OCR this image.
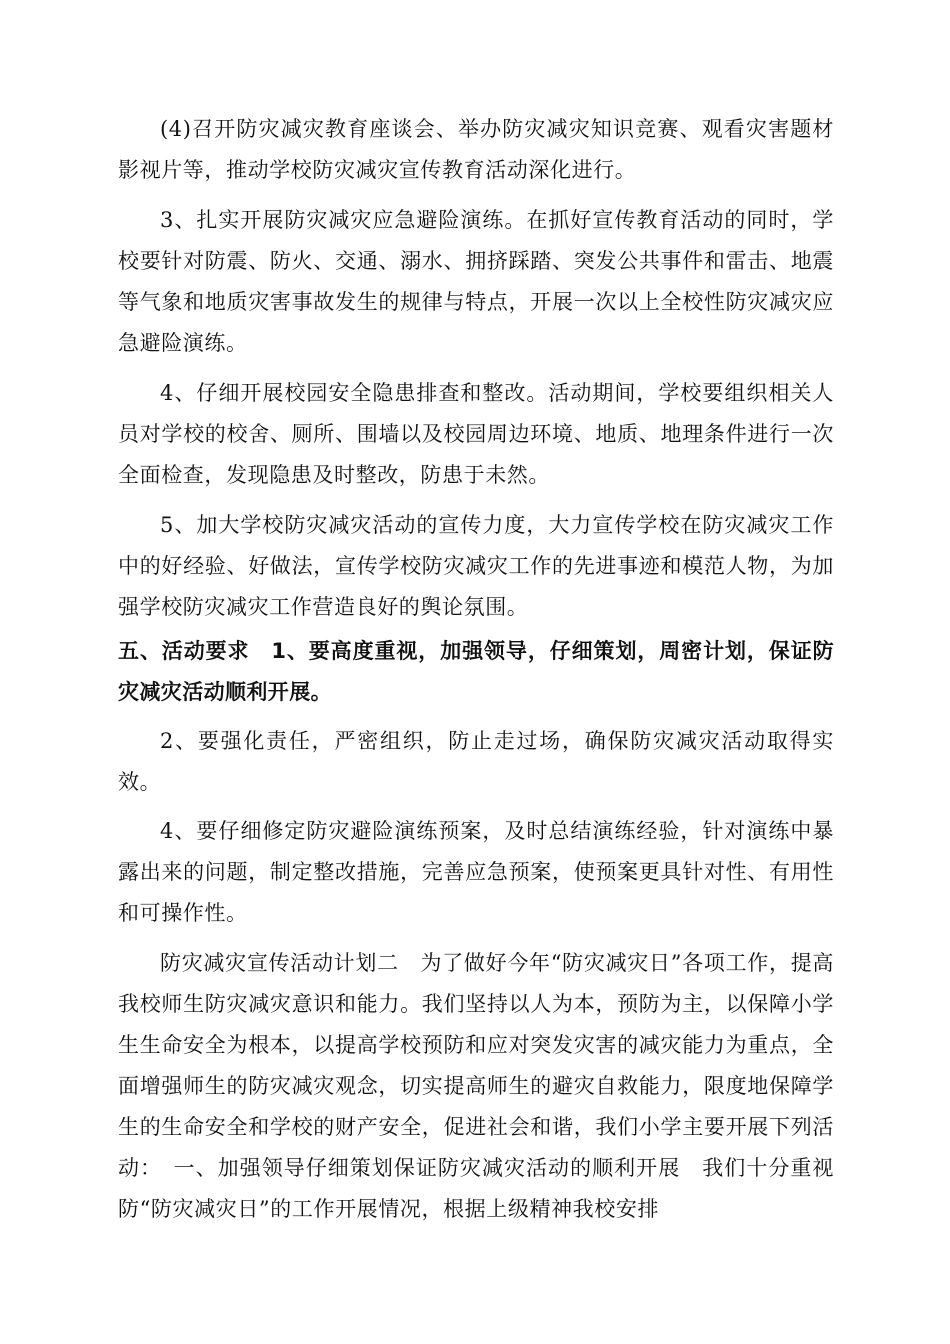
(4)召开防灾减灾教育座谈会、举办防灾减灾知识竞赛、观看灾害题材影视片等，推动学校防灾减灾宣传教育活动深化进行。

3、扎实开展防灾减灾应急避险演练。在抓好宣传教育活动的同时，学校要针对防震、防火、交通、溺水、拥挤踩踏、突发公共事件和雷击、地震等气象和地质灾害事故发生的规律与特点，开展一次以上全校性防灾减灾应急避险演练。

4、仔细开展校园安全隐患排查和整改。活动期间，学校要组织相关人员对学校的校舍、厕所、围墙以及校园周边环境、地质、地理条件进行一次全面检查，发现隐患及时整改，防患于未然。

5、加大学校防灾减灾活动的宣传力度，大力宣传学校在防灾减灾工作中的好经验、好做法，宣传学校防灾减灾工作的先进事迹和模范人物，为加强学校防灾减灾工作营造良好的舆论氛围。

五、活动要求　1、要高度重视，加强领导，仔细策划，周密计划，保证防灾减灾活动顺利开展。

2、要强化责任，严密组织，防止走过场，确保防灾减灾活动取得实效。

4、要仔细修定防灾避险演练预案，及时总结演练经验，针对演练中暴露出来的问题，制定整改措施，完善应急预案，使预案更具针对性、有用性和可操作性。

防灾减灾宣传活动计划二　为了做好今年“防灾减灾日”各项工作，提高我校师生防灾减灾意识和能力。我们坚持以人为本，预防为主，以保障小学生生命安全为根本，以提高学校预防和应对突发灾害的减灾能力为重点，全面增强师生的防灾减灾观念，切实提高师生的避灾自救能力，限度地保障学生的生命安全和学校的财产安全，促进社会和谐，我们小学主要开展下列活动：　一、加强领导仔细策划保证防灾减灾活动的顺利开展　我们十分重视防“防灾减灾日”的工作开展情况，根据上级精神我校安排
